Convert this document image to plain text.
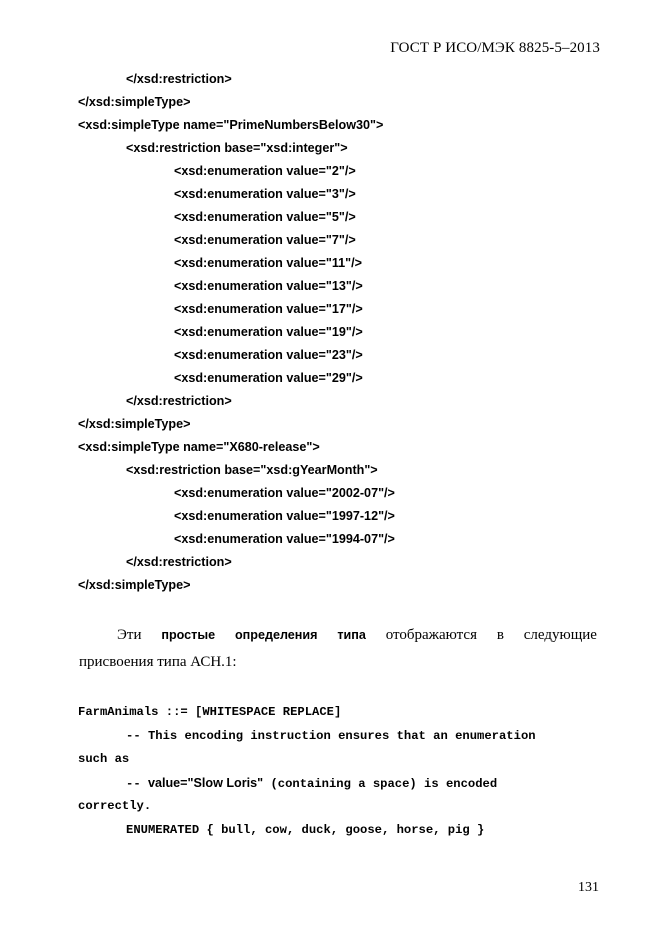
ГОСТ Р ИСО/МЭК 8825-5–2013
</xsd:restriction>
</xsd:simpleType>
<xsd:simpleType name="PrimeNumbersBelow30">
<xsd:restriction base="xsd:integer">
<xsd:enumeration value="2"/>
<xsd:enumeration value="3"/>
<xsd:enumeration value="5"/>
<xsd:enumeration value="7"/>
<xsd:enumeration value="11"/>
<xsd:enumeration value="13"/>
<xsd:enumeration value="17"/>
<xsd:enumeration value="19"/>
<xsd:enumeration value="23"/>
<xsd:enumeration value="29"/>
</xsd:restriction>
</xsd:simpleType>
<xsd:simpleType name="X680-release">
<xsd:restriction base="xsd:gYearMonth">
<xsd:enumeration value="2002-07"/>
<xsd:enumeration value="1997-12"/>
<xsd:enumeration value="1994-07"/>
</xsd:restriction>
</xsd:simpleType>
Эти простые определения типа отображаются в следующие
присвоения типа АСН.1:
FarmAnimals ::= [WHITESPACE REPLACE]
-- This encoding instruction ensures that an enumeration
such as
-- value="Slow Loris" (containing a space) is encoded
correctly.
ENUMERATED { bull, cow, duck, goose, horse, pig }
131
